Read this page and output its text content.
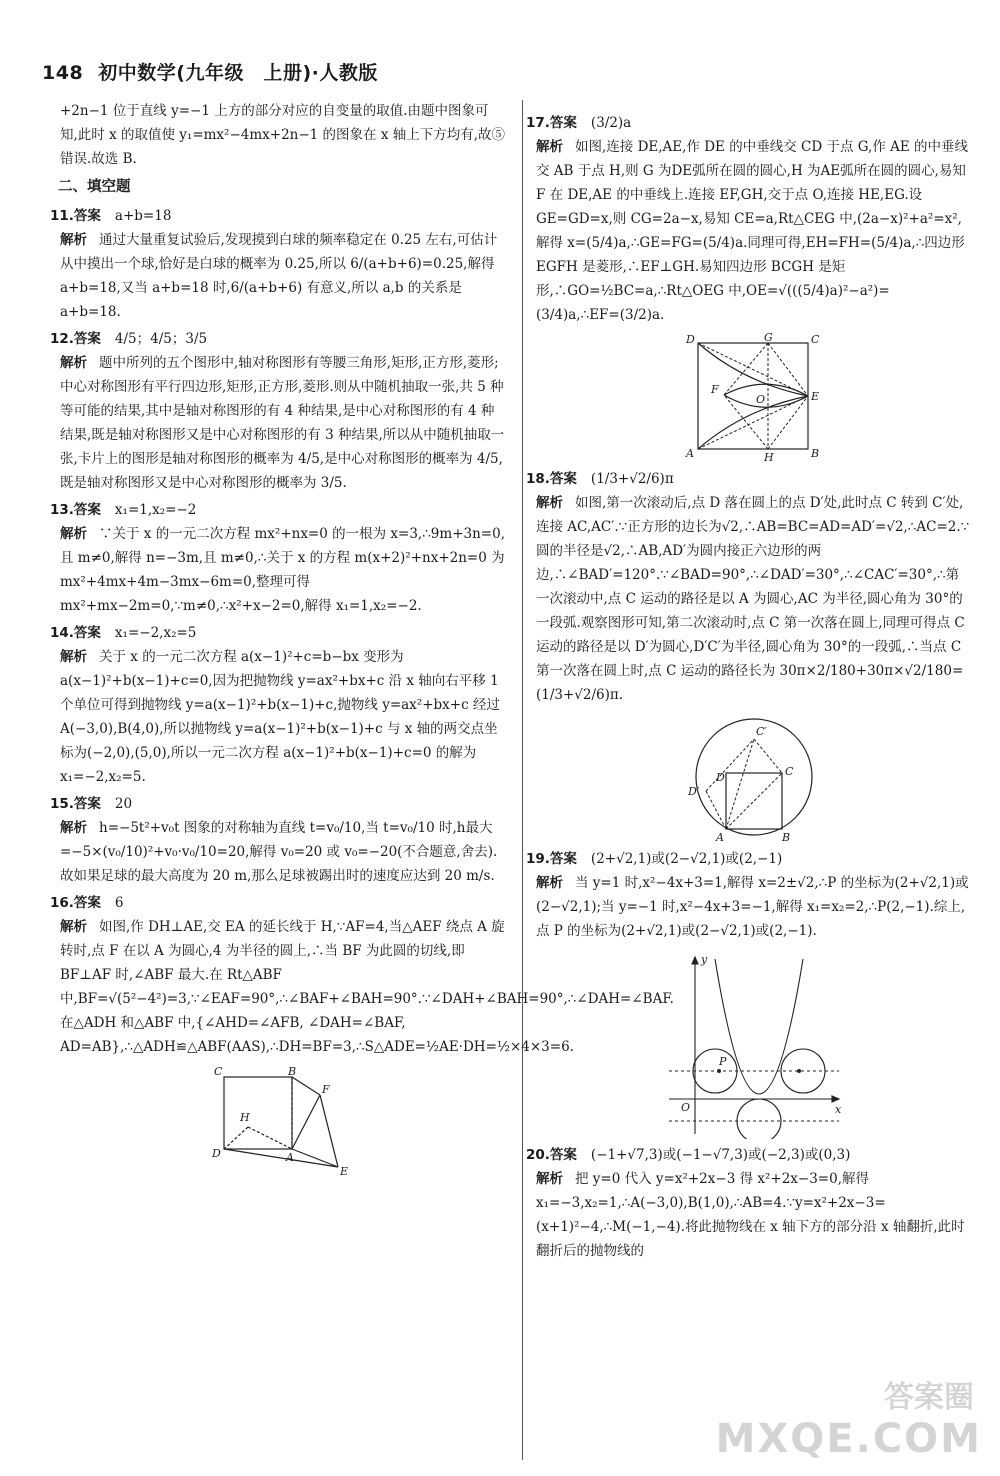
148 初中数学(九年级　上册)·人教版
+2n−1 位于直线 y=−1 上方的部分对应的自变量的取值.由题中图象可知,此时 x 的取值使 y₁=mx²−4mx+2n−1 的图象在 x 轴上下方均有,故⑤错误.故选 B.
二、填空题
11.答案 a+b=18
解析 通过大量重复试验后,发现摸到白球的频率稳定在 0.25 左右,可估计从中摸出一个球,恰好是白球的概率为 0.25,所以 6/(a+b+6)=0.25,解得 a+b=18,又当 a+b=18 时,6/(a+b+6) 有意义,所以 a,b 的关系是 a+b=18.
12.答案 4/5；4/5；3/5
解析 题中所列的五个图形中,轴对称图形有等腰三角形,矩形,正方形,菱形;中心对称图形有平行四边形,矩形,正方形,菱形.则从中随机抽取一张,共 5 种等可能的结果,其中是轴对称图形的有 4 种结果,是中心对称图形的有 4 种结果,既是轴对称图形又是中心对称图形的有 3 种结果,所以从中随机抽取一张,卡片上的图形是轴对称图形的概率为 4/5,是中心对称图形的概率为 4/5,既是轴对称图形又是中心对称图形的概率为 3/5.
13.答案 x₁=1,x₂=−2
解析 ∵关于 x 的一元二次方程 mx²+nx=0 的一根为 x=3,∴9m+3n=0,且 m≠0,解得 n=−3m,且 m≠0,∴关于 x 的方程 m(x+2)²+nx+2n=0 为 mx²+4mx+4m−3mx−6m=0,整理可得 mx²+mx−2m=0,∵m≠0,∴x²+x−2=0,解得 x₁=1,x₂=−2.
14.答案 x₁=−2,x₂=5
解析 关于 x 的一元二次方程 a(x−1)²+c=b−bx 变形为 a(x−1)²+b(x−1)+c=0,因为把抛物线 y=ax²+bx+c 沿 x 轴向右平移 1 个单位可得到抛物线 y=a(x−1)²+b(x−1)+c,抛物线 y=ax²+bx+c 经过 A(−3,0),B(4,0),所以抛物线 y=a(x−1)²+b(x−1)+c 与 x 轴的两交点坐标为(−2,0),(5,0),所以一元二次方程 a(x−1)²+b(x−1)+c=0 的解为 x₁=−2,x₂=5.
15.答案 20
解析 h=−5t²+v₀t 图象的对称轴为直线 t=v₀/10,当 t=v₀/10 时,h最大=−5×(v₀/10)²+v₀·v₀/10=20,解得 v₀=20 或 v₀=−20(不合题意,舍去).故如果足球的最大高度为 20 m,那么足球被踢出时的速度应达到 20 m/s.
16.答案 6
解析 如图,作 DH⊥AE,交 EA 的延长线于 H,∵AF=4,当△AEF 绕点 A 旋转时,点 F 在以 A 为圆心,4 为半径的圆上,∴当 BF 为此圆的切线,即 BF⊥AF 时,∠ABF 最大.在 Rt△ABF 中,BF=√(5²−4²)=3,∵∠EAF=90°,∴∠BAF+∠BAH=90°.∵∠DAH+∠BAH=90°,∴∠DAH=∠BAF.在△ADH 和△ABF 中,{∠AHD=∠AFB, ∠DAH=∠BAF, AD=AB},∴△ADH≌△ABF(AAS),∴DH=BF=3,∴S△ADE=½AE·DH=½×4×3=6.
C	B
H
F
D	A
E
17.答案 (3/2)a
解析 如图,连接 DE,AE,作 DE 的中垂线交 CD 于点 G,作 AE 的中垂线交 AB 于点 H,则 G 为DE弧所在圆的圆心,H 为AE弧所在圆的圆心,易知 F 在 DE,AE 的中垂线上.连接 EF,GH,交于点 O,连接 HE,EG.设 GE=GD=x,则 CG=2a−x,易知 CE=a,Rt△CEG 中,(2a−x)²+a²=x²,解得 x=(5/4)a,∴GE=FG=(5/4)a.同理可得,EH=FH=(5/4)a,∴四边形 EGFH 是菱形,∴EF⊥GH.易知四边形 BCGH 是矩形,∴GO=½BC=a,∴Rt△OEG 中,OE=√(((5/4)a)²−a²)=(3/4)a,∴EF=(3/2)a.
D	G	C
F
O	E
A	H	B
18.答案 (1/3+√2/6)π
解析 如图,第一次滚动后,点 D 落在圆上的点 D′处,此时点 C 转到 C′处,连接 AC,AC′.∵正方形的边长为√2,∴AB=BC=AD=AD′=√2,∴AC=2.∵圆的半径是√2,∴AB,AD′为圆内接正六边形的两边,∴∠BAD′=120°.∵∠BAD=90°,∴∠DAD′=30°,∴∠CAC′=30°,∴第一次滚动中,点 C 运动的路径是以 A 为圆心,AC 为半径,圆心角为 30°的一段弧.观察图形可知,第二次滚动时,点 C 第一次落在圆上,同理可得点 C 运动的路径是以 D′为圆心,D′C′为半径,圆心角为 30°的一段弧,∴当点 C 第一次落在圆上时,点 C 运动的路径长为 30π×2/180+30π×√2/180=(1/3+√2/6)π.
C′
D′
D	C
A	B
19.答案 (2+√2,1)或(2−√2,1)或(2,−1)
解析 当 y=1 时,x²−4x+3=1,解得 x=2±√2,∴P 的坐标为(2+√2,1)或(2−√2,1);当 y=−1 时,x²−4x+3=−1,解得 x₁=x₂=2,∴P(2,−1).综上,点 P 的坐标为(2+√2,1)或(2−√2,1)或(2,−1).
y
x
O
P
20.答案 (−1+√7,3)或(−1−√7,3)或(−2,3)或(0,3)
解析 把 y=0 代入 y=x²+2x−3 得 x²+2x−3=0,解得 x₁=−3,x₂=1,∴A(−3,0),B(1,0),∴AB=4.∵y=x²+2x−3=(x+1)²−4,∴M(−1,−4).将此抛物线在 x 轴下方的部分沿 x 轴翻折,此时翻折后的抛物线的
答案圈
MXQE.COM
